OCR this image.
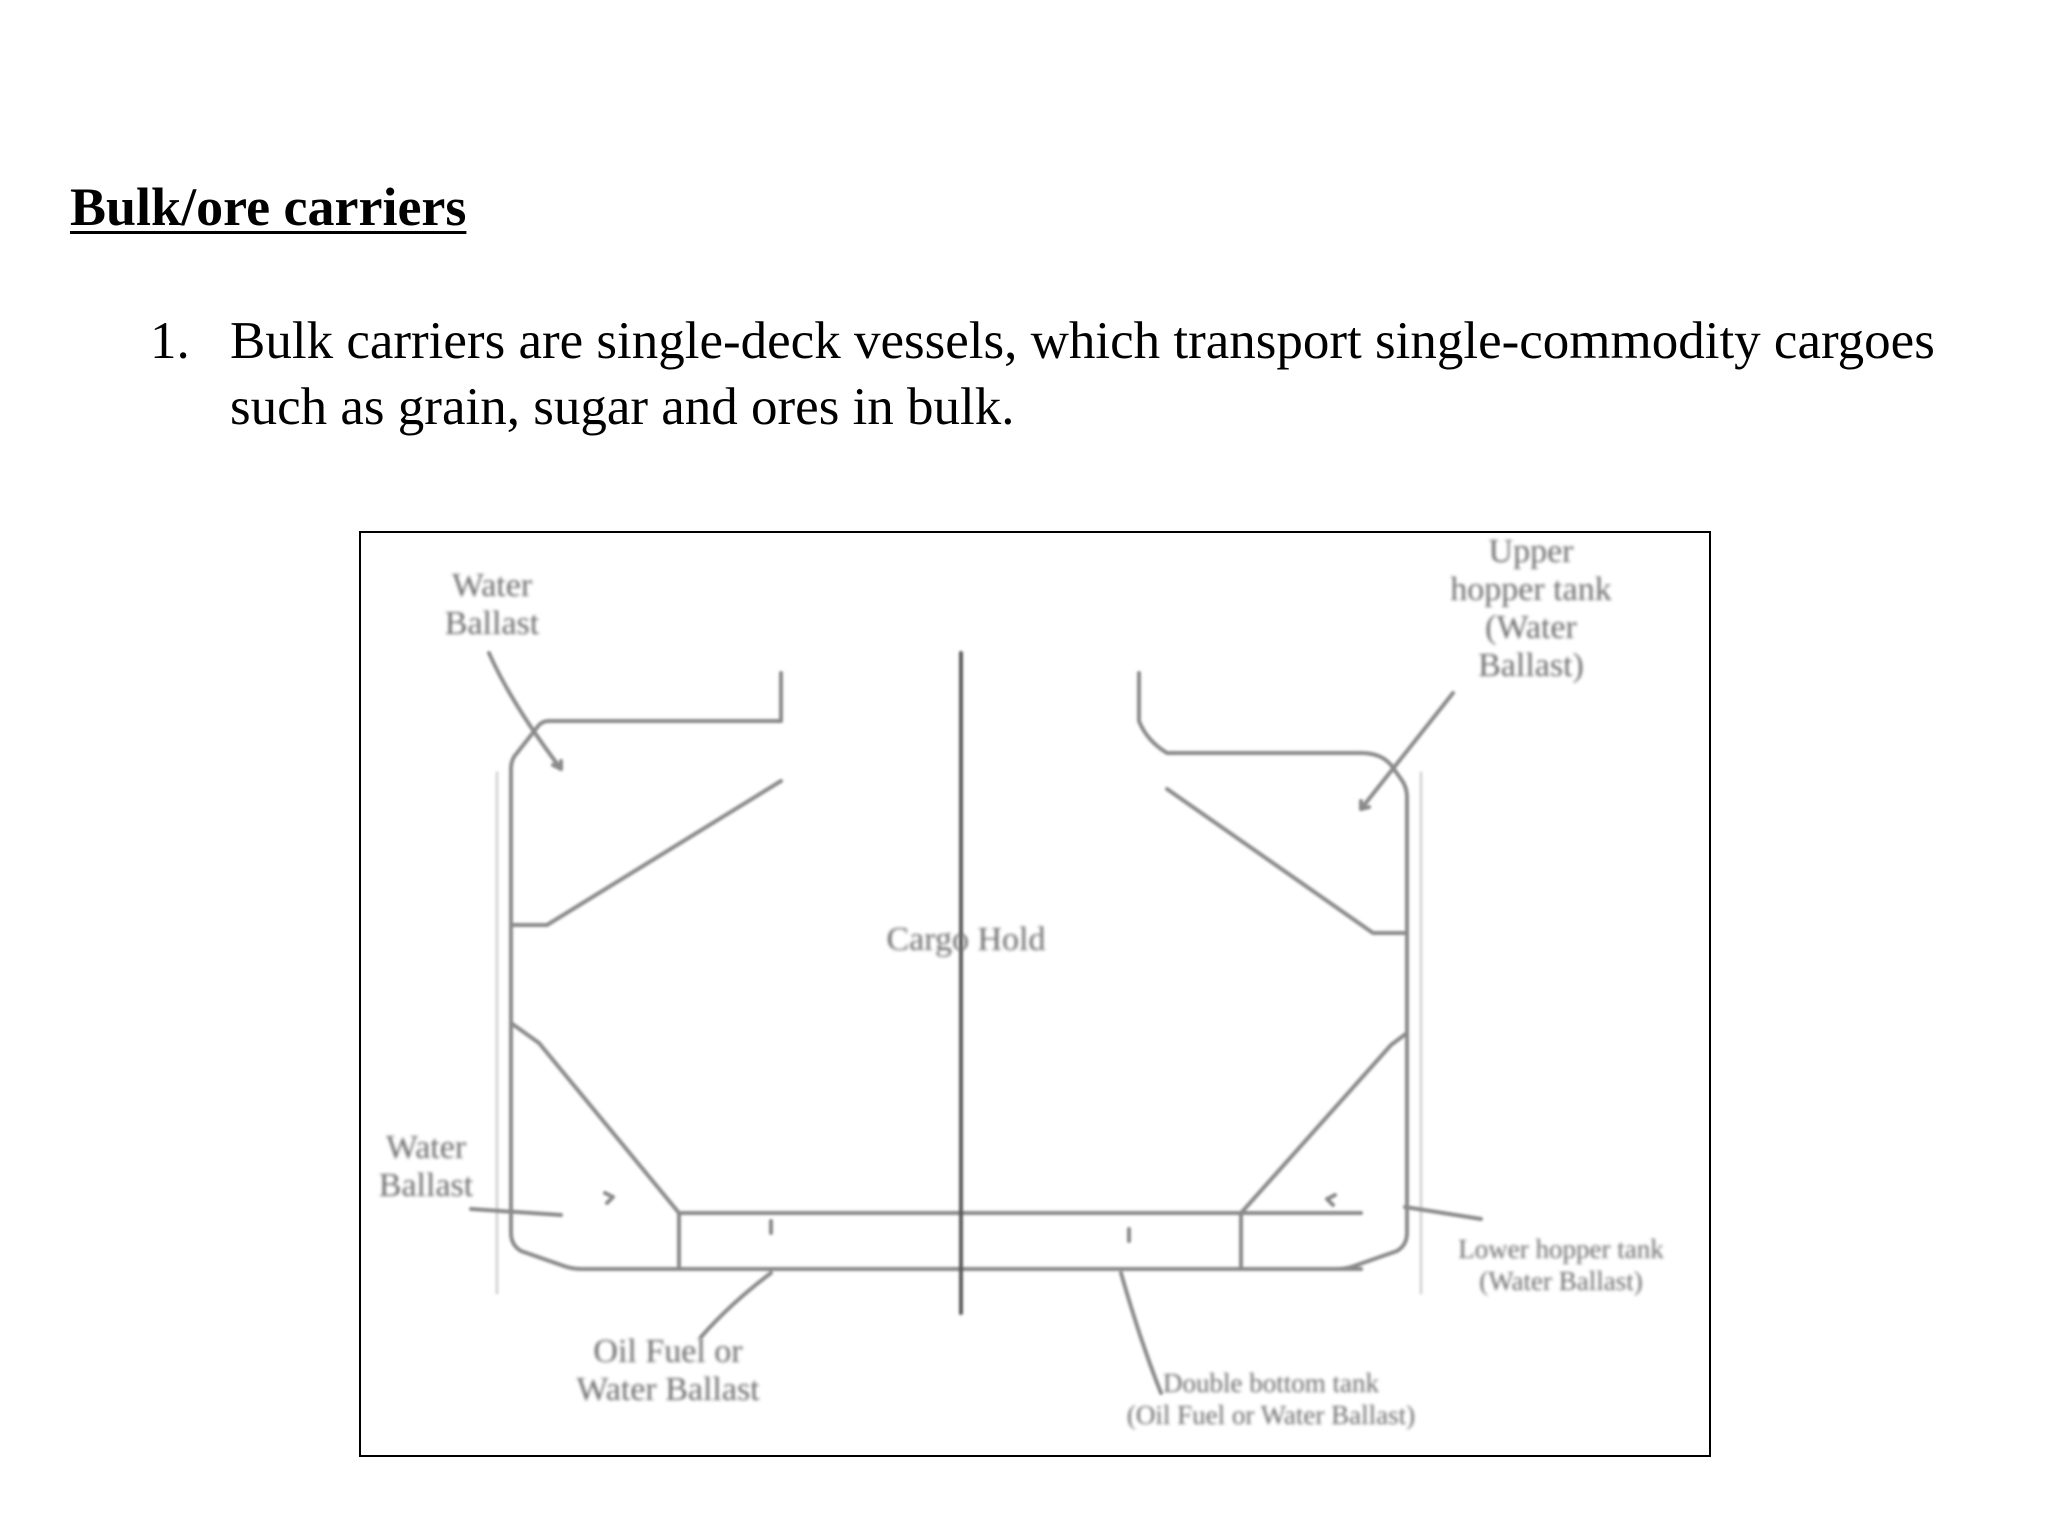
Bulk/ore carriers
1. Bulk carriers are single-deck vessels, which transport single-commodity cargoes such as grain, sugar and ores in bulk.
Water
Ballast
Upper
hopper tank
(Water
Ballast)
Cargo Hold
Water
Ballast
Lower hopper tank
(Water Ballast)
Oil Fuel or
Water Ballast	Double bottom tank
(Oil Fuel or Water Ballast)
